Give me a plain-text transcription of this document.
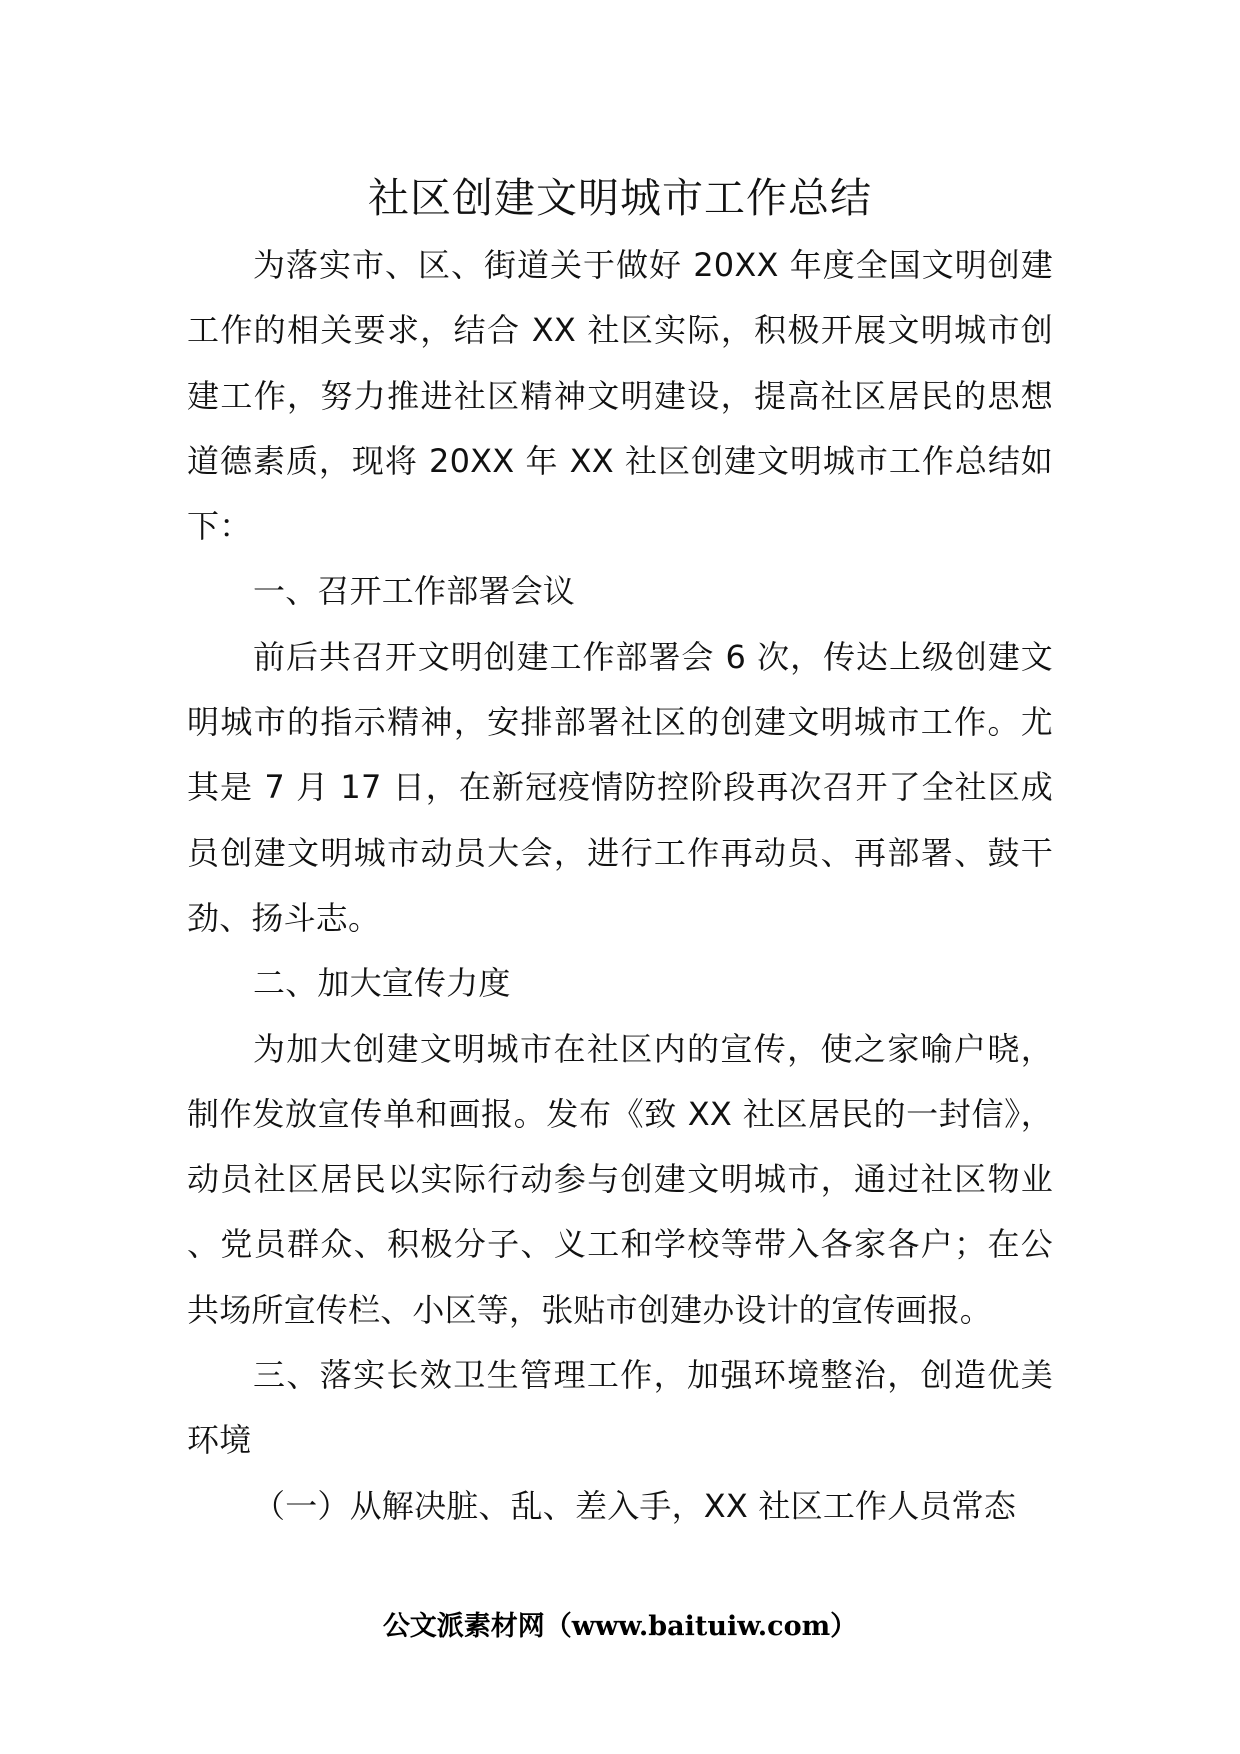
社区创建文明城市工作总结

为落实市、区、街道关于做好 20XX 年度全国文明创建工作的相关要求，结合 XX 社区实际，积极开展文明城市创建工作，努力推进社区精神文明建设，提高社区居民的思想道德素质，现将 20XX 年 XX 社区创建文明城市工作总结如下：

一、召开工作部署会议

前后共召开文明创建工作部署会 6 次，传达上级创建文明城市的指示精神，安排部署社区的创建文明城市工作。尤其是 7 月 17 日，在新冠疫情防控阶段再次召开了全社区成员创建文明城市动员大会，进行工作再动员、再部署、鼓干劲、扬斗志。

二、加大宣传力度

为加大创建文明城市在社区内的宣传，使之家喻户晓，制作发放宣传单和画报。发布《致 XX 社区居民的一封信》，动员社区居民以实际行动参与创建文明城市，通过社区物业、党员群众、积极分子、义工和学校等带入各家各户；在公共场所宣传栏、小区等，张贴市创建办设计的宣传画报。

三、落实长效卫生管理工作，加强环境整治，创造优美环境

（一）从解决脏、乱、差入手，XX 社区工作人员常态

公文派素材网（www.baituiw.com）
